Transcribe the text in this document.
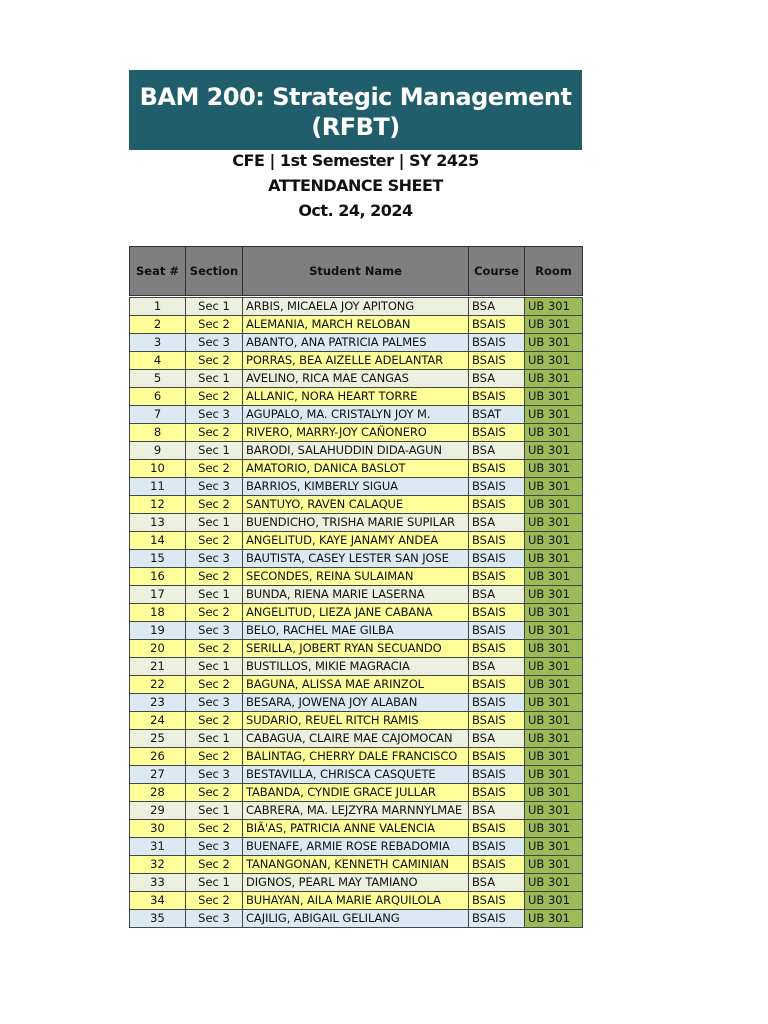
BAM 200: Strategic Management
(RFBT)
CFE | 1st Semester | SY 2425
ATTENDANCE SHEET
Oct. 24, 2024
Seat #	Section	Student Name	Course	Room

1	Sec 1	ARBIS, MICAELA JOY APITONG	BSA	UB 301
2	Sec 2	ALEMANIA, MARCH RELOBAN	BSAIS	UB 301
3	Sec 3	ABANTO, ANA PATRICIA PALMES	BSAIS	UB 301
4	Sec 2	PORRAS, BEA AIZELLE ADELANTAR	BSAIS	UB 301
5	Sec 1	AVELINO, RICA MAE CANGAS	BSA	UB 301
6	Sec 2	ALLANIC, NORA HEART TORRE	BSAIS	UB 301
7	Sec 3	AGUPALO, MA. CRISTALYN JOY M.	BSAT	UB 301
8	Sec 2	RIVERO, MARRY-JOY CAÑONERO	BSAIS	UB 301
9	Sec 1	BARODI, SALAHUDDIN DIDA-AGUN	BSA	UB 301
10	Sec 2	AMATORIO, DANICA BASLOT	BSAIS	UB 301
11	Sec 3	BARRIOS, KIMBERLY SIGUA	BSAIS	UB 301
12	Sec 2	SANTUYO, RAVEN CALAQUE	BSAIS	UB 301
13	Sec 1	BUENDICHO, TRISHA MARIE SUPILAR	BSA	UB 301
14	Sec 2	ANGELITUD, KAYE JANAMY ANDEA	BSAIS	UB 301
15	Sec 3	BAUTISTA, CASEY LESTER SAN JOSE	BSAIS	UB 301
16	Sec 2	SECONDES, REINA SULAIMAN	BSAIS	UB 301
17	Sec 1	BUNDA, RIENA MARIE LASERNA	BSA	UB 301
18	Sec 2	ANGELITUD, LIEZA JANE CABANA	BSAIS	UB 301
19	Sec 3	BELO, RACHEL MAE GILBA	BSAIS	UB 301
20	Sec 2	SERILLA, JOBERT RYAN SECUANDO	BSAIS	UB 301
21	Sec 1	BUSTILLOS, MIKIE MAGRACIA	BSA	UB 301
22	Sec 2	BAGUNA, ALISSA MAE ARINZOL	BSAIS	UB 301
23	Sec 3	BESARA, JOWENA JOY ALABAN	BSAIS	UB 301
24	Sec 2	SUDARIO, REUEL RITCH RAMIS	BSAIS	UB 301
25	Sec 1	CABAGUA, CLAIRE MAE CAJOMOCAN	BSA	UB 301
26	Sec 2	BALINTAG, CHERRY DALE FRANCISCO	BSAIS	UB 301
27	Sec 3	BESTAVILLA, CHRISCA CASQUETE	BSAIS	UB 301
28	Sec 2	TABANDA, CYNDIE GRACE JULLAR	BSAIS	UB 301
29	Sec 1	CABRERA, MA. LEJZYRA MARNNYLMAE	BSA	UB 301
30	Sec 2	BIÃ'AS, PATRICIA ANNE VALENCIA	BSAIS	UB 301
31	Sec 3	BUENAFE, ARMIE ROSE REBADOMIA	BSAIS	UB 301
32	Sec 2	TANANGONAN, KENNETH CAMINIAN	BSAIS	UB 301
33	Sec 1	DIGNOS, PEARL MAY TAMIANO	BSA	UB 301
34	Sec 2	BUHAYAN, AILA MARIE ARQUILOLA	BSAIS	UB 301
35	Sec 3	CAJILIG, ABIGAIL GELILANG	BSAIS	UB 301
